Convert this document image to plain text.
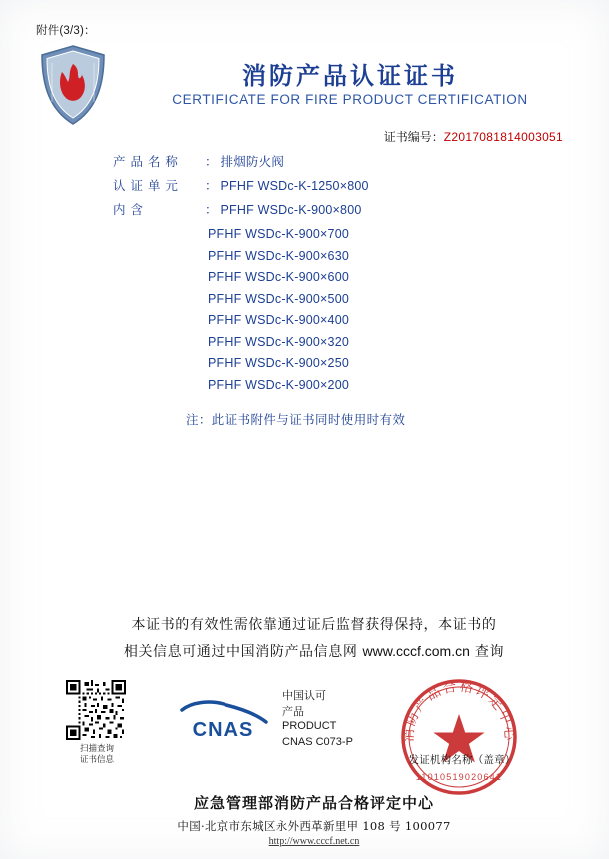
附件(3/3)：
消防产品认证证书
CERTIFICATE FOR FIRE PRODUCT CERTIFICATION
证书编号：Z2017081814003051
产 品 名 称	： 排烟防火阀
认 证 单 元	： PFHF WSDc-K-1250×800
内 含	： PFHF WSDc-K-900×800
PFHF WSDc-K-900×700
PFHF WSDc-K-900×630
PFHF WSDc-K-900×600
PFHF WSDc-K-900×500
PFHF WSDc-K-900×400
PFHF WSDc-K-900×320
PFHF WSDc-K-900×250
PFHF WSDc-K-900×200
注：此证书附件与证书同时使用时有效
本证书的有效性需依靠通过证后监督获得保持，本证书的
相关信息可通过中国消防产品信息网 www.cccf.com.cn 查询
扫描查询
证书信息
CNAS
中国认可
产品
PRODUCT
CNAS C073-P	消防产品合格评定中心
11010519020641
发证机构名称（盖章）
应急管理部消防产品合格评定中心
中国·北京市东城区永外西革新里甲 108 号 100077
http://www.cccf.net.cn
